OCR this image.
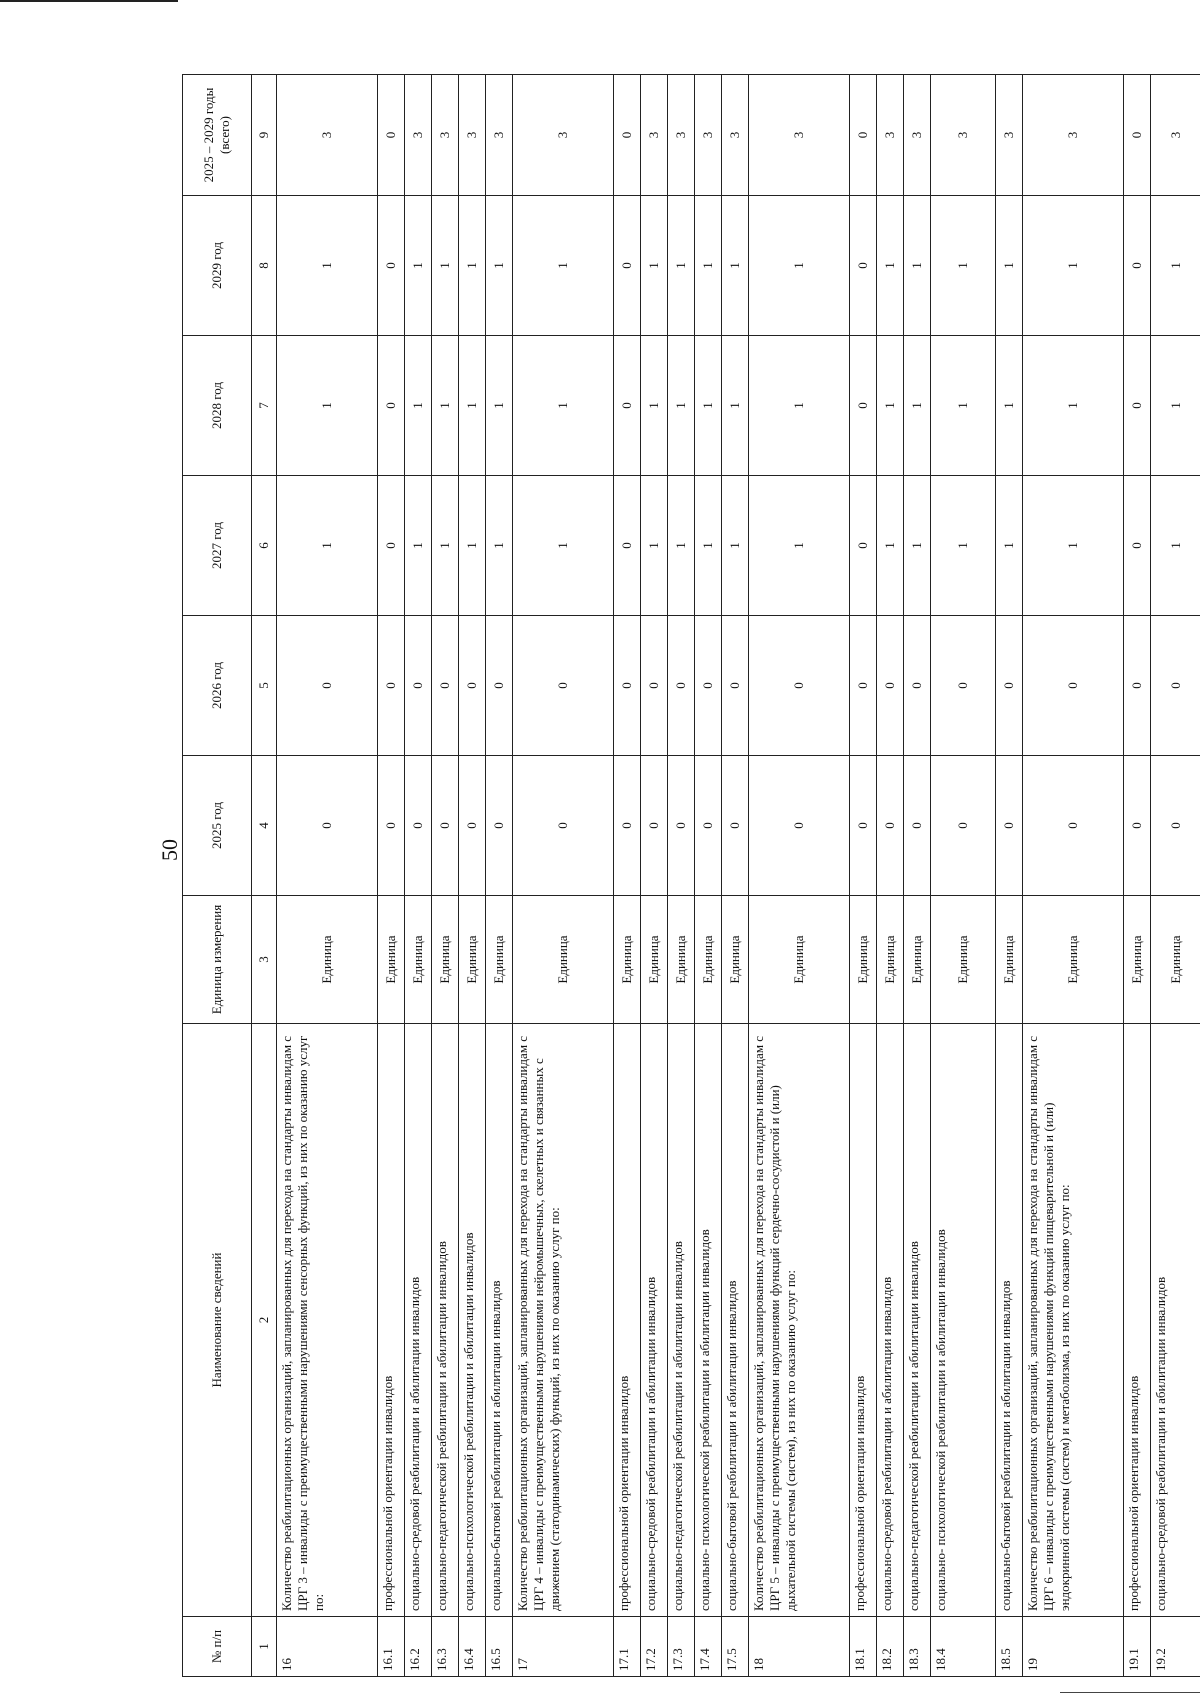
50
№ п/п	Наименование сведений	Единица измерения	2025 год	2026 год	2027 год	2028 год	2029 год	2025 – 2029 годы (всего)
1	2	3	4	5	6	7	8	9
16	Количество реабилитационных организаций, запланированных для перехода на стандарты инвалидам с ЦРГ 3 – инвалиды с преимущественными нарушениями сенсорных функций, из них по оказанию услуг по:	Единица	0	0	1	1	1	3
16.1	профессиональной ориентации инвалидов	Единица	0	0	0	0	0	0
16.2	социально-средовой реабилитации и абилитации инвалидов	Единица	0	0	1	1	1	3
16.3	социально-педагогической реабилитации и абилитации инвалидов	Единица	0	0	1	1	1	3
16.4	социально-психологической реабилитации и абилитации инвалидов	Единица	0	0	1	1	1	3
16.5	социально-бытовой реабилитации и абилитации инвалидов	Единица	0	0	1	1	1	3
17	Количество реабилитационных организаций, запланированных для перехода на стандарты инвалидам с ЦРГ 4 – инвалиды с преимущественными нарушениями нейромышечных, скелетных и связанных с движением (статодинамических) функций, из них по оказанию услуг по:	Единица	0	0	1	1	1	3
17.1	профессиональной ориентации инвалидов	Единица	0	0	0	0	0	0
17.2	социально-средовой реабилитации и абилитации инвалидов	Единица	0	0	1	1	1	3
17.3	социально-педагогической реабилитации и абилитации инвалидов	Единица	0	0	1	1	1	3
17.4	социально- психологической реабилитации и абилитации инвалидов	Единица	0	0	1	1	1	3
17.5	социально-бытовой реабилитации и абилитации инвалидов	Единица	0	0	1	1	1	3
18	Количество реабилитационных организаций, запланированных для перехода на стандарты инвалидам с ЦРГ 5 – инвалиды с преимущественными нарушениями функций сердечно-сосудистой и (или) дыхательной системы (систем), из них по оказанию услуг по:	Единица	0	0	1	1	1	3
18.1	профессиональной ориентации инвалидов	Единица	0	0	0	0	0	0
18.2	социально-средовой реабилитации и абилитации инвалидов	Единица	0	0	1	1	1	3
18.3	социально-педагогической реабилитации и абилитации инвалидов	Единица	0	0	1	1	1	3
18.4	социально- психологической реабилитации и абилитации инвалидов	Единица	0	0	1	1	1	3
18.5	социально-бытовой реабилитации и абилитации инвалидов	Единица	0	0	1	1	1	3
19	Количество реабилитационных организаций, запланированных для перехода на стандарты инвалидам с ЦРГ 6 – инвалиды с преимущественными нарушениями функций пищеварительной и (или) эндокринной системы (систем) и метаболизма, из них по оказанию услуг по:	Единица	0	0	1	1	1	3
19.1	профессиональной ориентации инвалидов	Единица	0	0	0	0	0	0
19.2	социально-средовой реабилитации и абилитации инвалидов	Единица	0	0	1	1	1	3
